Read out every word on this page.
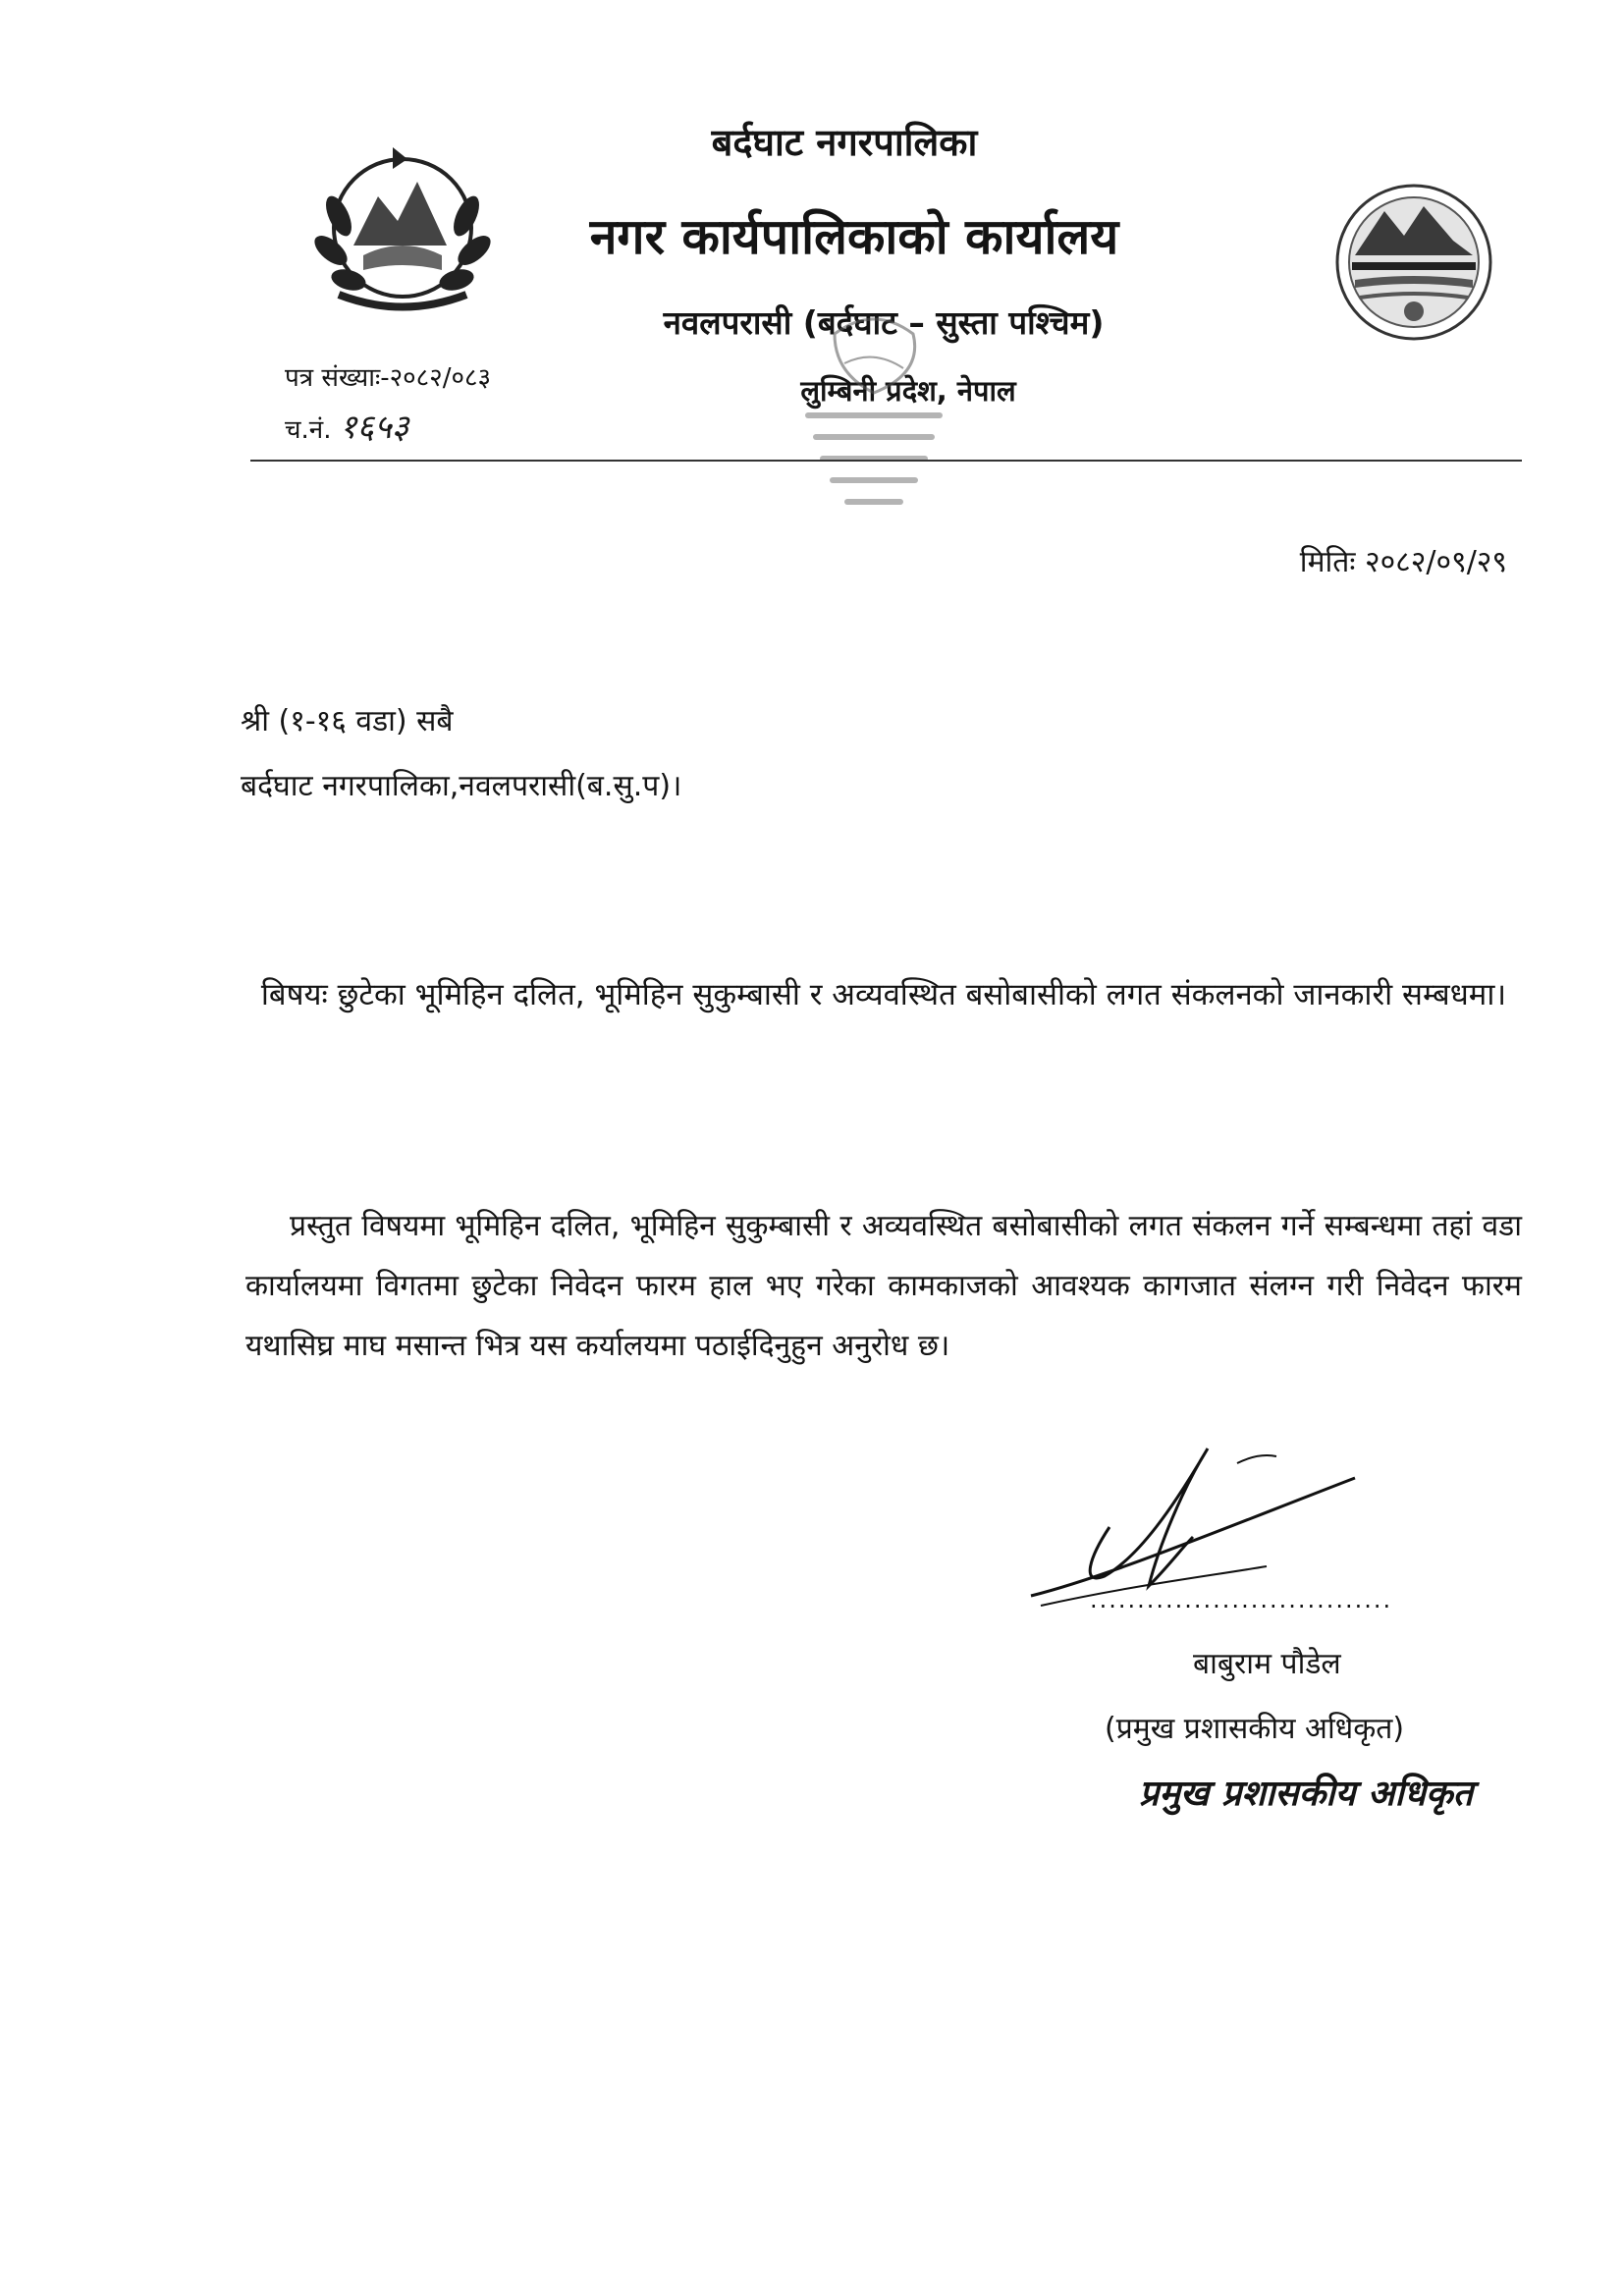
बर्दघाट नगरपालिका
नगर कार्यपालिकाको कार्यालय
नवलपरासी (बर्दघाट – सुस्ता पश्चिम)
लुम्बिनी प्रदेश, नेपाल
पत्र संख्याः-२०८२/०८३
च.नं. १६५३
मितिः २०८२/०९/२९
श्री (१-१६ वडा) सबै
बर्दघाट नगरपालिका,नवलपरासी(ब.सु.प)।
बिषयः छुटेका भूमिहिन दलित, भूमिहिन सुकुम्बासी र अव्यवस्थित बसोबासीको लगत संकलनको जानकारी सम्बधमा।
प्रस्तुत विषयमा भूमिहिन दलित, भूमिहिन सुकुम्बासी र अव्यवस्थित बसोबासीको लगत संकलन गर्ने सम्बन्धमा तहां वडा कार्यालयमा विगतमा छुटेका निवेदन फारम हाल भए गरेका कामकाजको आवश्यक कागजात संलग्न गरी निवेदन फारम यथासिघ्र माघ मसान्त भित्र यस कर्यालयमा पठाईदिनुहुन अनुरोध छ।
................................
बाबुराम पौडेल
(प्रमुख प्रशासकीय अधिकृत)
प्रमुख प्रशासकीय अधिकृत
